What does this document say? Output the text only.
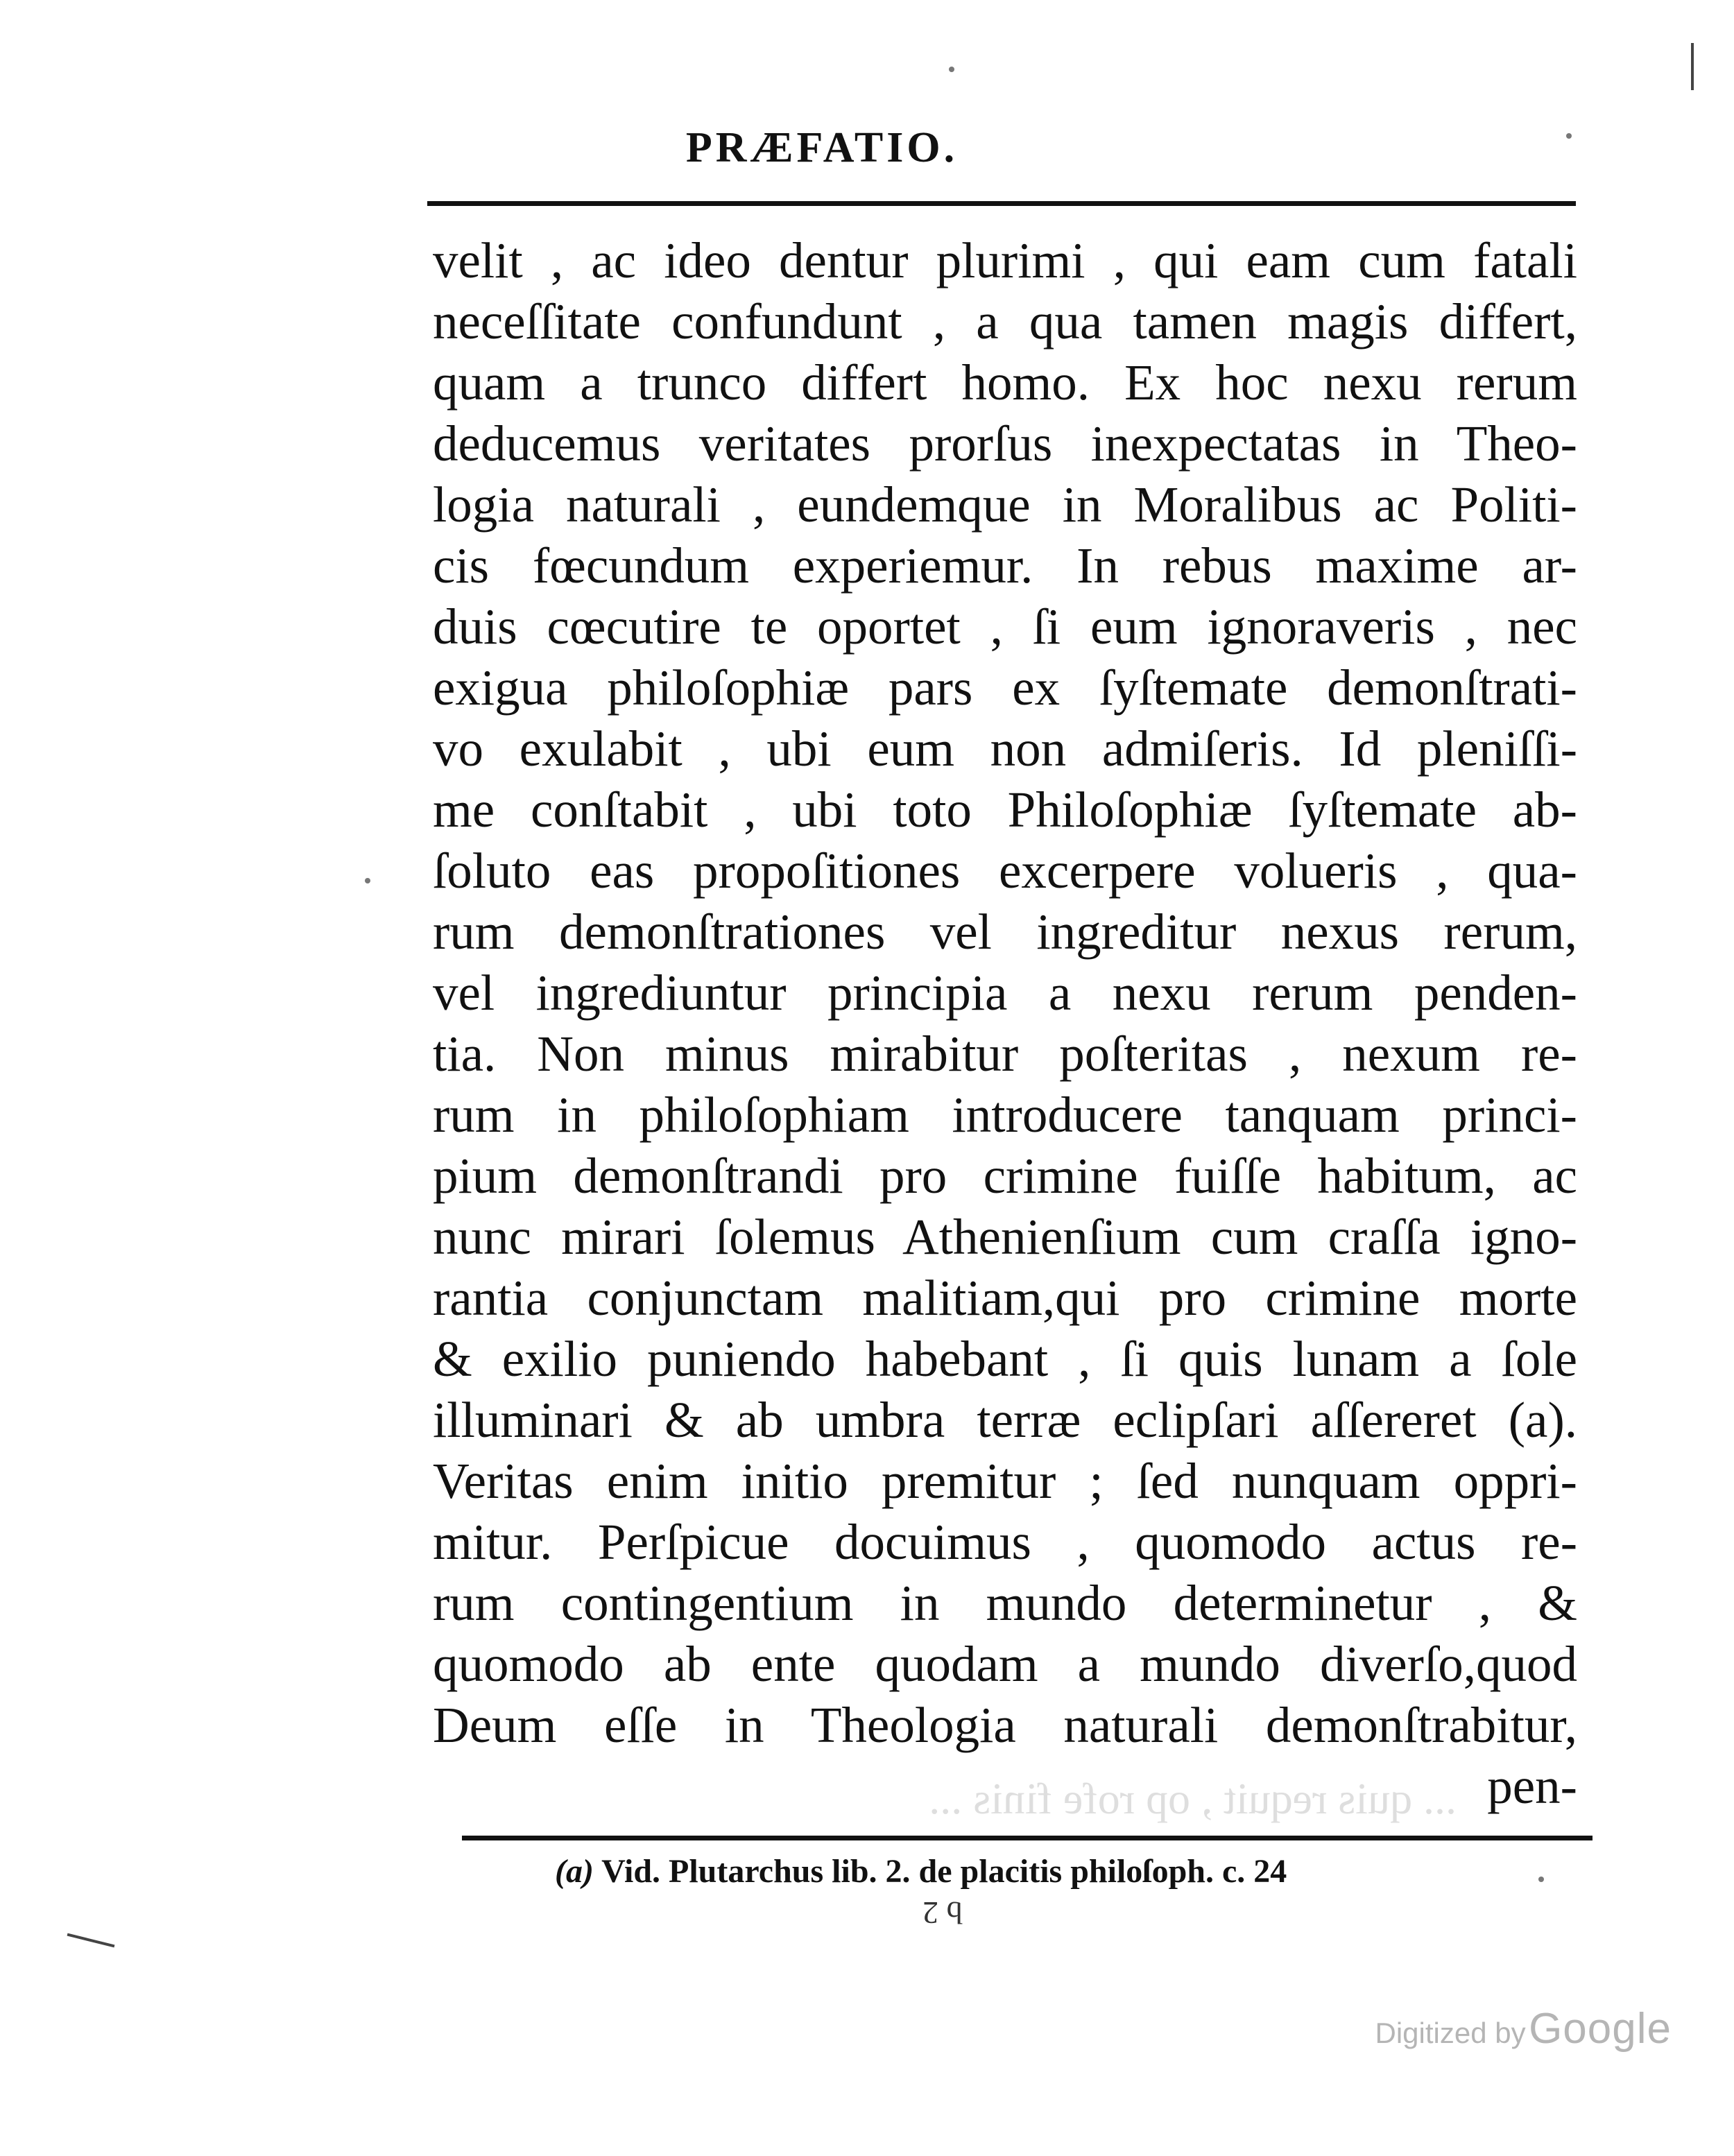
PRÆFATIO.
velit , ac ideo dentur plurimi , qui eam cum fatali
neceſſitate confundunt , a qua tamen magis differt,
quam a trunco differt homo. Ex hoc nexu rerum
deducemus veritates prorſus inexpectatas in Theo-
logia naturali , eundemque in Moralibus ac Politi-
cis fœcundum experiemur. In rebus maxime ar-
duis cœcutire te oportet , ſi eum ignoraveris , nec
exigua philoſophiæ pars ex ſyſtemate demonſtrati-
vo exulabit , ubi eum non admiſeris. Id pleniſſi-
me conſtabit , ubi toto Philoſophiæ ſyſtemate ab-
ſoluto eas propoſitiones excerpere volueris , qua-
rum demonſtrationes vel ingreditur nexus rerum,
vel ingrediuntur principia a nexu rerum penden-
tia. Non minus mirabitur poſteritas , nexum re-
rum in philoſophiam introducere tanquam princi-
pium demonſtrandi pro crimine fuiſſe habitum, ac
nunc mirari ſolemus Athenienſium cum craſſa igno-
rantia conjunctam malitiam,qui pro crimine morte
& exilio puniendo habebant , ſi quis lunam a ſole
illuminari & ab umbra terræ eclipſari aſſereret (a).
Veritas enim initio premitur ; ſed nunquam oppri-
mitur. Perſpicue docuimus , quomodo actus re-
rum contingentium in mundo determinetur , &
quomodo ab ente quodam a mundo diverſo,quod
Deum eſſe in Theologia naturali demonſtrabitur,
pen-
... quis requit , op rofe finis ...
(a) Vid. Plutarchus lib. 2. de placitis philoſoph. c. 24
b 2
Digitized by Google
